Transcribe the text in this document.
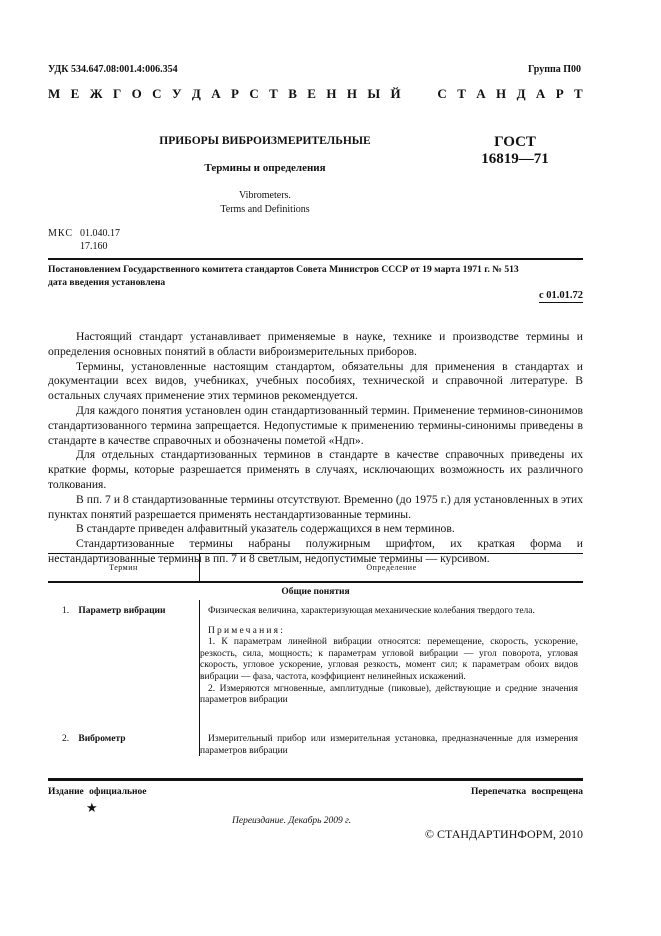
УДК 534.647.08:001.4:006.354	Группа П00
М Е Ж Г О С У Д А Р С Т В Е Н Н Ы Й	С Т А Н Д А Р Т
ПРИБОРЫ ВИБРОИЗМЕРИТЕЛЬНЫЕ
Термины и определения
Vibrometers.
Terms and Definitions
ГОСТ
16819—71
МКС 01.040.17
17.160
Постановлением Государственного комитета стандартов Совета Министров СССР от 19 марта 1971 г. № 513
дата введения установлена
с 01.01.72

Настоящий стандарт устанавливает применяемые в науке, технике и производстве термины и определения основных понятий в области виброизмерительных приборов.

Термины, установленные настоящим стандартом, обязательны для применения в стандартах и документации всех видов, учебниках, учебных пособиях, технической и справочной литературе. В остальных случаях применение этих терминов рекомендуется.

Для каждого понятия установлен один стандартизованный термин. Применение терминов-синонимов стандартизованного термина запрещается. Недопустимые к применению термины-синонимы приведены в стандарте в качестве справочных и обозначены пометой «Ндп».

Для отдельных стандартизованных терминов в стандарте в качестве справочных приведены их краткие формы, которые разрешается применять в случаях, исключающих возможность их различного толкования.

В пп. 7 и 8 стандартизованные термины отсутствуют. Временно (до 1975 г.) для установленных в этих пунктах понятий разрешается применять нестандартизованные термины.

В стандарте приведен алфавитный указатель содержащихся в нем терминов.

Стандартизованные термины набраны полужирным шрифтом, их краткая форма и нестандартизованные термины в пп. 7 и 8 светлым, недопустимые термины — курсивом.

Термин	Определение
Общие понятия
1. Параметр вибрации	Физическая величина, характеризующая механические колебания твердого тела.

Примечания:

1. К параметрам линейной вибрации относятся: перемещение, скорость, ускорение, резкость, сила, мощность; к параметрам угловой вибрации — угол поворота, угловая скорость, угловое ускорение, угловая резкость, момент сил; к параметрам обоих видов вибрации — фаза, частота, коэффициент нелинейных искажений.

2. Измеряются мгновенные, амплитудные (пиковые), действующие и средние значения параметров вибрации

2. Виброметр	Измерительный прибор или измерительная установка, предназначенные для измерения параметров вибрации

Издание официальное	Перепечатка воспрещена
★
Переиздание. Декабрь 2009 г.
© СТАНДАРТИНФОРМ, 2010
